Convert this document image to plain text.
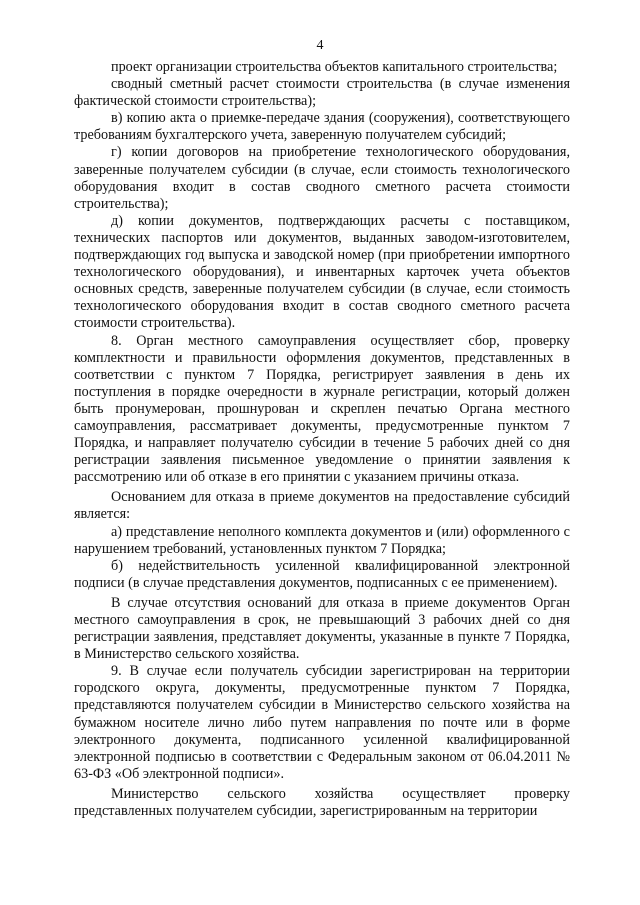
4

проект организации строительства объектов капитального строительства;

сводный сметный расчет стоимости строительства (в случае изменения фактической стоимости строительства);

в) копию акта о приемке-передаче здания (сооружения), соответствующего требованиям бухгалтерского учета, заверенную получателем субсидий;

г) копии договоров на приобретение технологического оборудования, заверенные получателем субсидии (в случае, если стоимость технологического оборудования входит в состав сводного сметного расчета стоимости строительства);

д) копии документов, подтверждающих расчеты с поставщиком, технических паспортов или документов, выданных заводом-изготовителем, подтверждающих год выпуска и заводской номер (при приобретении импортного технологического оборудования), и инвентарных карточек учета объектов основных средств, заверенные получателем субсидии (в случае, если стоимость технологического оборудования входит в состав сводного сметного расчета стоимости строительства).

8. Орган местного самоуправления осуществляет сбор, проверку комплектности и правильности оформления документов, представленных в соответствии с пунктом 7 Порядка, регистрирует заявления в день их поступления в порядке очередности в журнале регистрации, который должен быть пронумерован, прошнурован и скреплен печатью Органа местного самоуправления, рассматривает документы, предусмотренные пунктом 7 Порядка, и направляет получателю субсидии в течение 5 рабочих дней со дня регистрации заявления письменное уведомление о принятии заявления к рассмотрению или об отказе в его принятии с указанием причины отказа.

Основанием для отказа в приеме документов на предоставление субсидий является:

а) представление неполного комплекта документов и (или) оформленного с нарушением требований, установленных пунктом 7 Порядка;

б) недействительность усиленной квалифицированной электронной подписи (в случае представления документов, подписанных с ее применением).

В случае отсутствия оснований для отказа в приеме документов Орган местного самоуправления в срок, не превышающий 3 рабочих дней со дня регистрации заявления, представляет документы, указанные в пункте 7 Порядка, в Министерство сельского хозяйства.

9. В случае если получатель субсидии зарегистрирован на территории городского округа, документы, предусмотренные пунктом 7 Порядка, представляются получателем субсидии в Министерство сельского хозяйства на бумажном носителе лично либо путем направления по почте или в форме электронного документа, подписанного усиленной квалифицированной электронной подписью в соответствии с Федеральным законом от 06.04.2011 № 63-ФЗ «Об электронной подписи».

Министерство сельского хозяйства осуществляет проверку представленных получателем субсидии, зарегистрированным на территории
